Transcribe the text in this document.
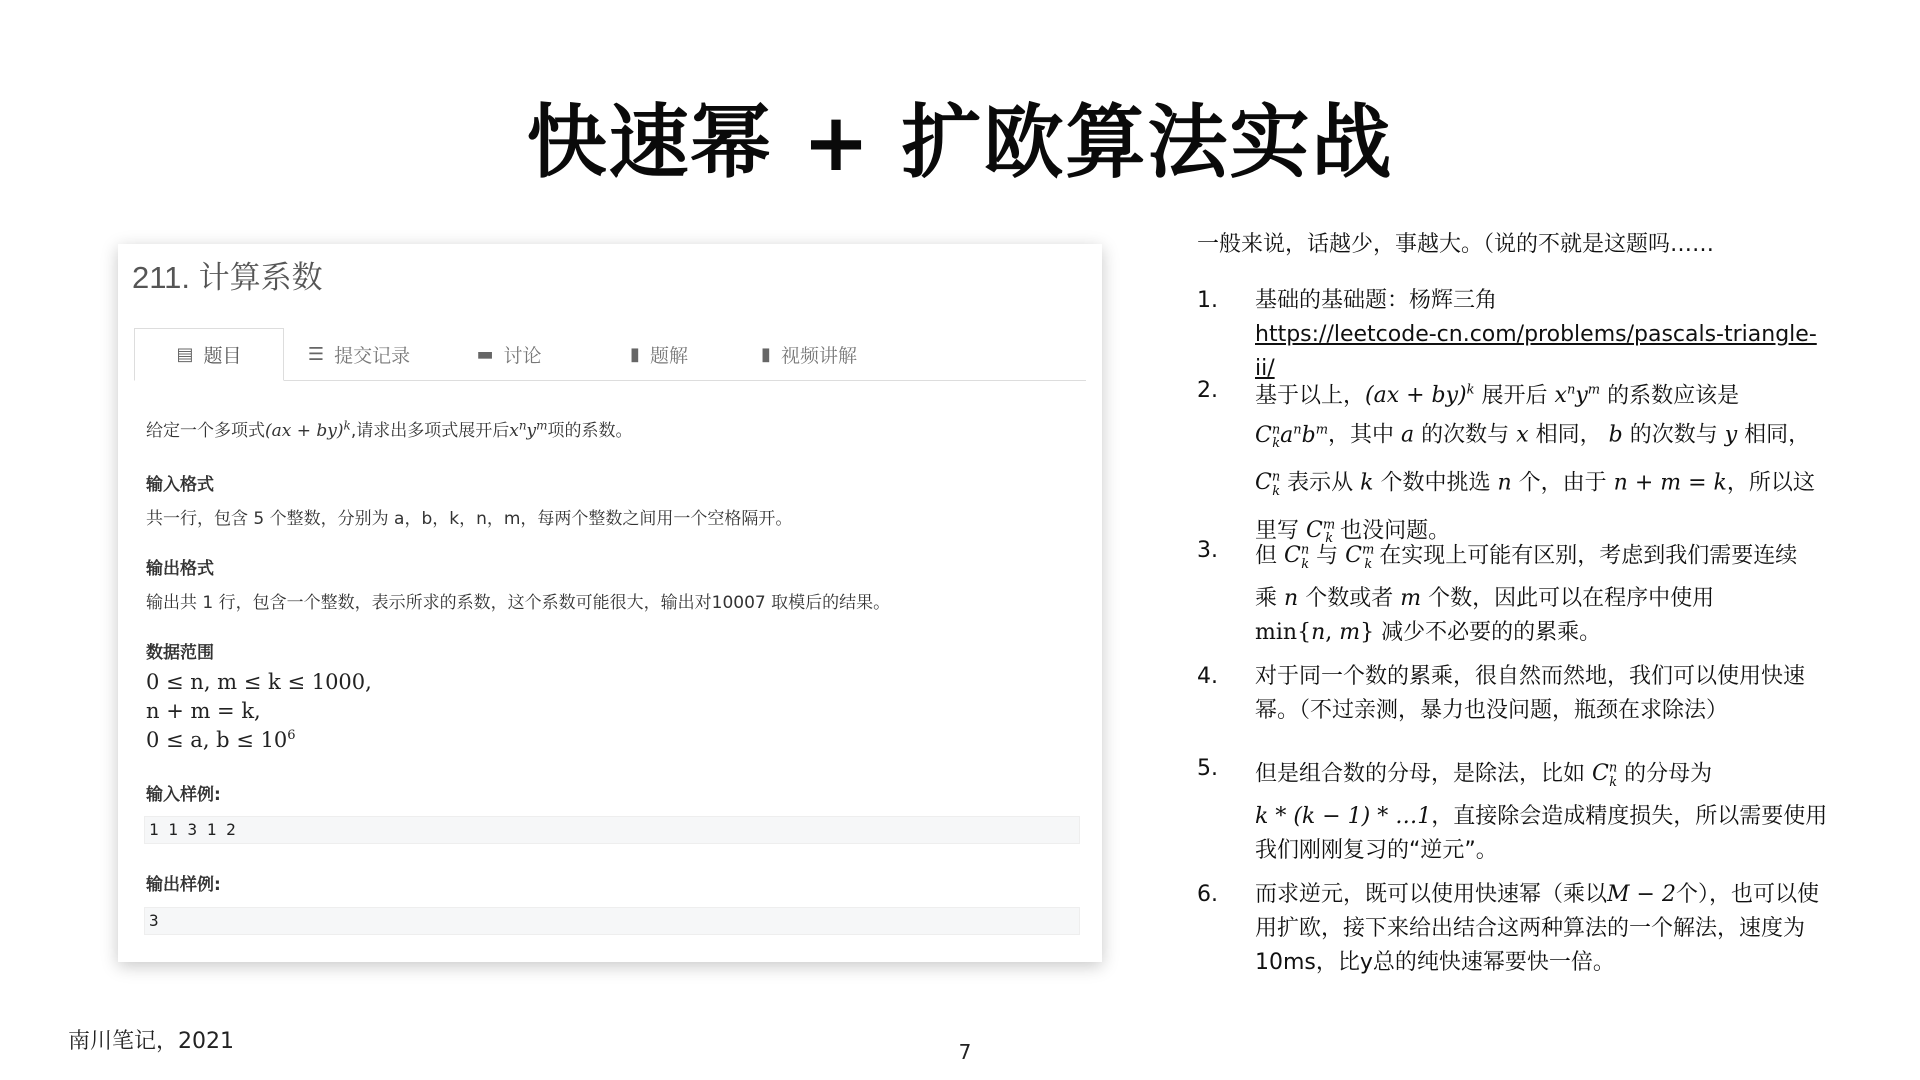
快速幂 + 扩欧算法实战
211. 计算系数
▤ 题目	☰ 提交记录	▬ 讨论	▮ 题解	▮ 视频讲解
给定一个多项式(ax + by)$^k$,请求出多项式展开后$x^ny^m$项的系数。
输入格式
共一行，包含 5 个整数，分别为 a，b，k，n，m，每两个整数之间用一个空格隔开。
输出格式
输出共 1 行，包含一个整数，表示所求的系数，这个系数可能很大，输出对10007 取模后的结果。
数据范围
0 ≤ n, m ≤ k ≤ 1000,
n + m = k,
0 ≤ a, $b \le 10^6$
输入样例:
1 1 3 1 2
输出样例:
3
一般来说，话越少，事越大。（说的不就是这题吗……
1. 基础的基础题：杨辉三角
https://leetcode-cn.com/problems/pascals-triangle-ii/
2. 基于以上，(ax + by)$^k$ 展开后 $x^ny^m$ 的系数应该是
$C^n_ka^nb^m$，其中 a 的次数与 x 相同， b 的次数与 y 相同，
$C^n_k$ 表示从 k 个数中挑选 n 个，由于 n + m = k，所以这
里写 $C^m_k$ 也没问题。
3. 但 $C^n_k$ 与 $C^m_k$ 在实现上可能有区别，考虑到我们需要连续
乘 n 个数或者 m 个数，因此可以在程序中使用
min{n, m} 减少不必要的的累乘。
4. 对于同一个数的累乘，很自然而然地，我们可以使用快速幂。（不过亲测，暴力也没问题，瓶颈在求除法）
5. 但是组合数的分母，是除法，比如 $C^n_k$ 的分母为
k * (k − 1) * …1，直接除会造成精度损失，所以需要使用
我们刚刚复习的“逆元”。
6. 而求逆元，既可以使用快速幂（乘以M − 2个），也可以使用扩欧，接下来给出结合这两种算法的一个解法，速度为 10ms，比y总的纯快速幂要快一倍。
南川笔记，2021	7
